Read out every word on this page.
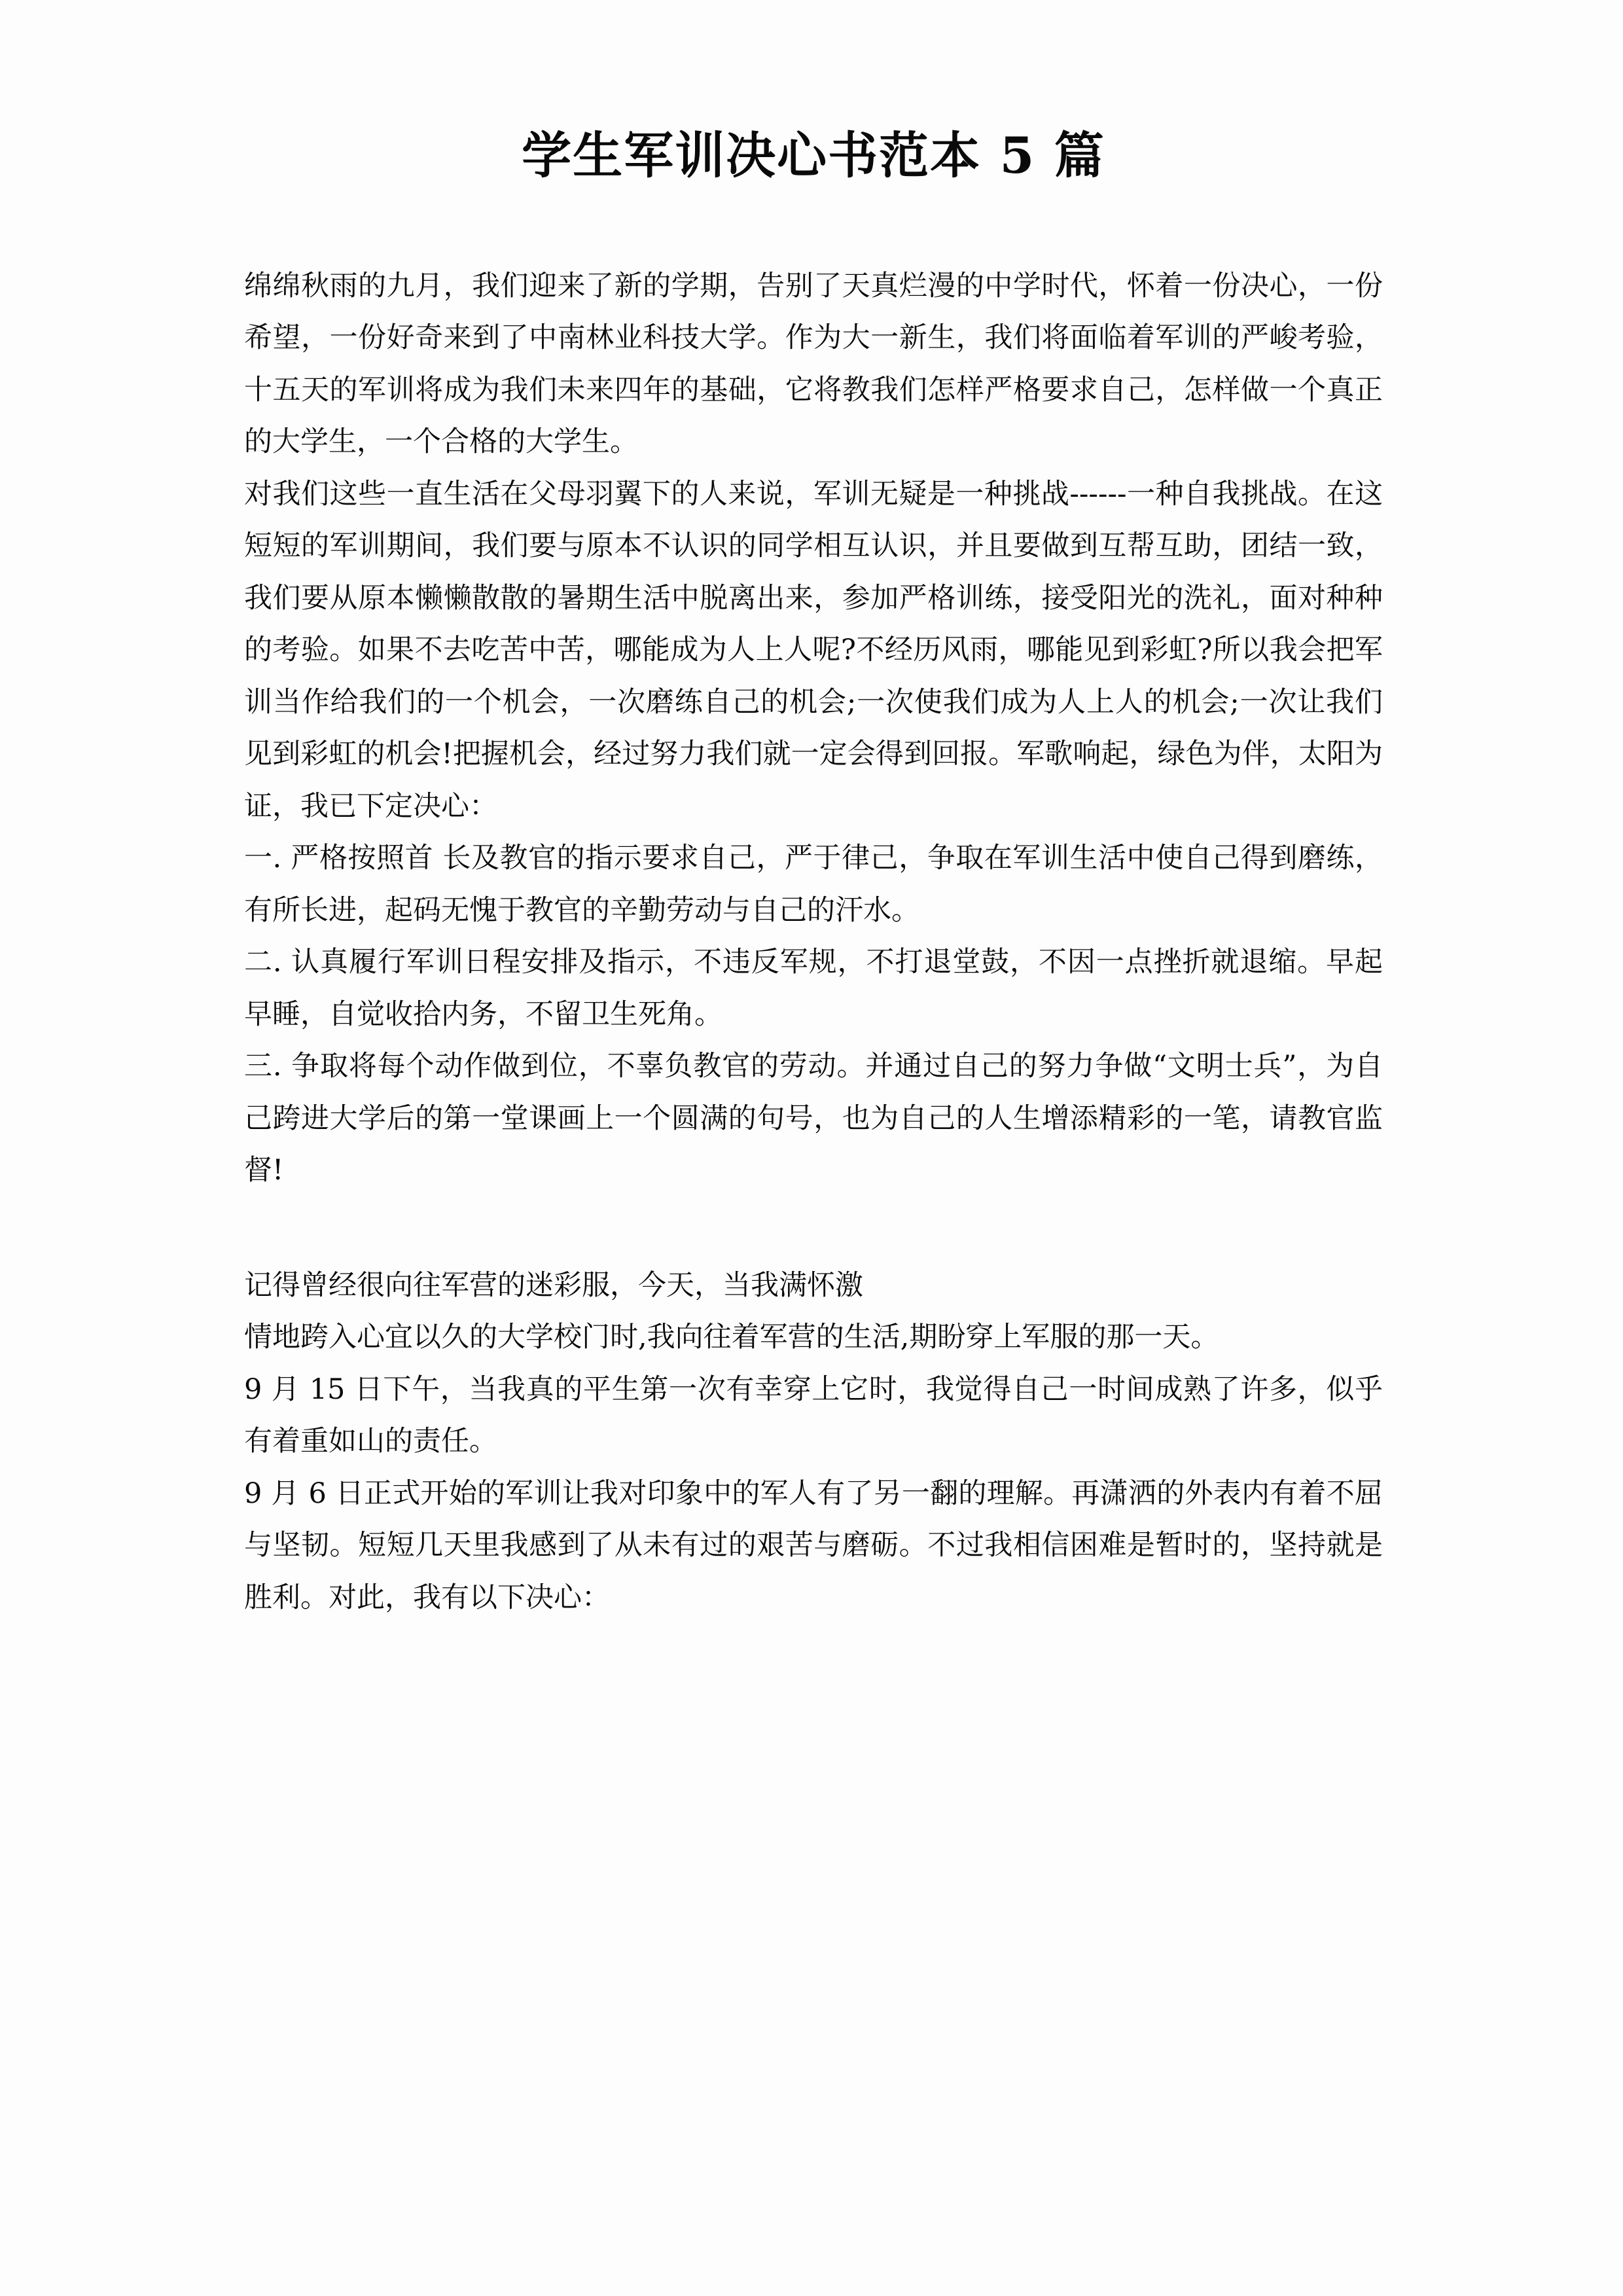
学生军训决心书范本 5 篇

绵绵秋雨的九月，我们迎来了新的学期，告别了天真烂漫的中学时代，怀着一份决心，一份希望，一份好奇来到了中南林业科技大学。作为大一新生，我们将面临着军训的严峻考验，十五天的军训将成为我们未来四年的基础，它将教我们怎样严格要求自己，怎样做一个真正的大学生，一个合格的大学生。

对我们这些一直生活在父母羽翼下的人来说，军训无疑是一种挑战------一种自我挑战。在这短短的军训期间，我们要与原本不认识的同学相互认识，并且要做到互帮互助，团结一致，我们要从原本懒懒散散的暑期生活中脱离出来，参加严格训练，接受阳光的洗礼，面对种种的考验。如果不去吃苦中苦，哪能成为人上人呢?不经历风雨，哪能见到彩虹?所以我会把军训当作给我们的一个机会，一次磨练自己的机会;一次使我们成为人上人的机会;一次让我们见到彩虹的机会!把握机会，经过努力我们就一定会得到回报。军歌响起，绿色为伴，太阳为证，我已下定决心：

一. 严格按照首 长及教官的指示要求自己，严于律己，争取在军训生活中使自己得到磨练，有所长进，起码无愧于教官的辛勤劳动与自己的汗水。

二. 认真履行军训日程安排及指示，不违反军规，不打退堂鼓，不因一点挫折就退缩。早起早睡，自觉收拾内务，不留卫生死角。

三. 争取将每个动作做到位，不辜负教官的劳动。并通过自己的努力争做“文明士兵”，为自己跨进大学后的第一堂课画上一个圆满的句号，也为自己的人生增添精彩的一笔，请教官监督!

记得曾经很向往军营的迷彩服，今天，当我满怀激

情地跨入心宜以久的大学校门时,我向往着军营的生活,期盼穿上军服的那一天。

9 月 15 日下午，当我真的平生第一次有幸穿上它时，我觉得自己一时间成熟了许多，似乎有着重如山的责任。

9 月 6 日正式开始的军训让我对印象中的军人有了另一翻的理解。再潇洒的外表内有着不屈与坚韧。短短几天里我感到了从未有过的艰苦与磨砺。不过我相信困难是暂时的，坚持就是胜利。对此，我有以下决心：
